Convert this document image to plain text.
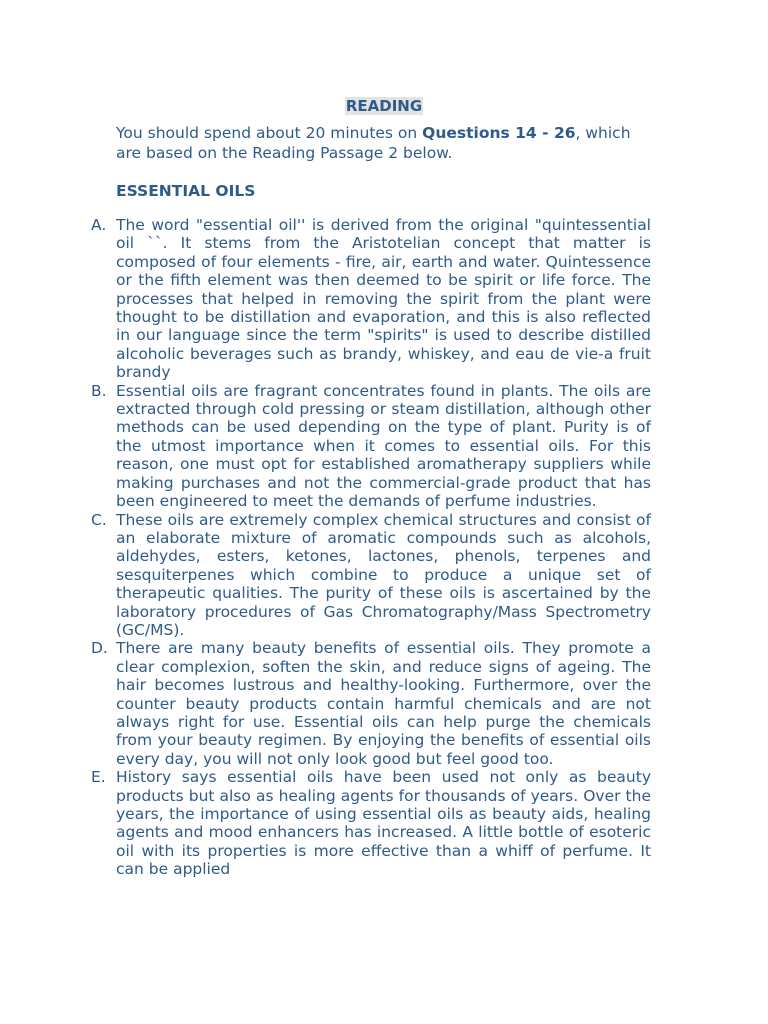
READING
You should spend about 20 minutes on Questions 14 - 26, which are based on the Reading Passage 2 below.
ESSENTIAL OILS
A. The word "essential oil'' is derived from the original "quintessential oil ``. It stems from the Aristotelian concept that matter is composed of four elements - fire, air, earth and water. Quintessence or the fifth element was then deemed to be spirit or life force. The processes that helped in removing the spirit from the plant were thought to be distillation and evaporation, and this is also reflected in our language since the term "spirits" is used to describe distilled alcoholic beverages such as brandy, whiskey, and eau de vie-a fruit brandy
B. Essential oils are fragrant concentrates found in plants. The oils are extracted through cold pressing or steam distillation, although other methods can be used depending on the type of plant. Purity is of the utmost importance when it comes to essential oils. For this reason, one must opt for established aromatherapy suppliers while making purchases and not the commercial-grade product that has been engineered to meet the demands of perfume industries.
C. These oils are extremely complex chemical structures and consist of an elaborate mixture of aromatic compounds such as alcohols, aldehydes, esters, ketones, lactones, phenols, terpenes and sesquiterpenes which combine to produce a unique set of therapeutic qualities. The purity of these oils is ascertained by the laboratory procedures of Gas Chromatography/Mass Spectrometry (GC/MS).
D. There are many beauty benefits of essential oils. They promote a clear complexion, soften the skin, and reduce signs of ageing. The hair becomes lustrous and healthy-looking. Furthermore, over the counter beauty products contain harmful chemicals and are not always right for use. Essential oils can help purge the chemicals from your beauty regimen. By enjoying the benefits of essential oils every day, you will not only look good but feel good too.
E. History says essential oils have been used not only as beauty products but also as healing agents for thousands of years. Over the years, the importance of using essential oils as beauty aids, healing agents and mood enhancers has increased. A little bottle of esoteric oil with its properties is more effective than a whiff of perfume. It can be applied
